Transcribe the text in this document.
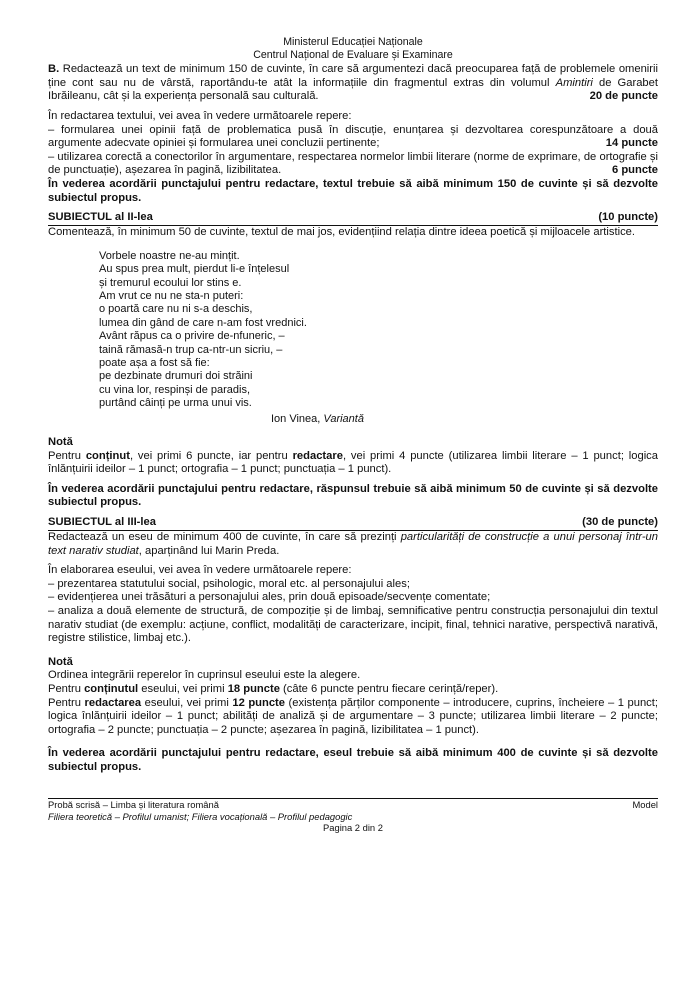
Ministerul Educației Naționale
Centrul Național de Evaluare și Examinare

B. Redactează un text de minimum 150 de cuvinte, în care să argumentezi dacă preocuparea față de problemele omenirii ține cont sau nu de vârstă, raportându-te atât la informațiile din fragmentul extras din volumul Amintiri de Garabet Ibrăileanu, cât și la experiența personală sau culturală.	20 de puncte

În redactarea textului, vei avea în vedere următoarele repere:

– formularea unei opinii față de problematica pusă în discuție, enunțarea și dezvoltarea corespunzătoare a două argumente adecvate opiniei și formularea unei concluzii pertinente;	14 puncte

– utilizarea corectă a conectorilor în argumentare, respectarea normelor limbii literare (norme de exprimare, de ortografie și de punctuație), așezarea în pagină, lizibilitatea.	6 puncte

În vederea acordării punctajului pentru redactare, textul trebuie să aibă minimum 150 de cuvinte și să dezvolte subiectul propus.

SUBIECTUL al II-lea	(10 puncte)

Comentează, în minimum 50 de cuvinte, textul de mai jos, evidențiind relația dintre ideea poetică și mijloacele artistice.

Vorbele noastre ne-au mințit.
Au spus prea mult, pierdut li-e înțelesul
și tremurul ecoului lor stins e.
Am vrut ce nu ne sta-n puteri:
o poartă care nu ni s-a deschis,
lumea din gând de care n-am fost vrednici.
Avânt răpus ca o privire de-nfuneric, –
taină rămasă-n trup ca-ntr-un sicriu, –
poate așa a fost să fie:
pe dezbinate drumuri doi străini
cu vina lor, respinși de paradis,
purtând câinți pe urma unui vis.
Ion Vinea, Variantă

Notă

Pentru conținut, vei primi 6 puncte, iar pentru redactare, vei primi 4 puncte (utilizarea limbii literare – 1 punct; logica înlănțuirii ideilor – 1 punct; ortografia – 1 punct; punctuația – 1 punct).

În vederea acordării punctajului pentru redactare, răspunsul trebuie să aibă minimum 50 de cuvinte și să dezvolte subiectul propus.

SUBIECTUL al III-lea	(30 de puncte)

Redactează un eseu de minimum 400 de cuvinte, în care să prezinți particularități de construcție a unui personaj într-un text narativ studiat, aparținând lui Marin Preda.

În elaborarea eseului, vei avea în vedere următoarele repere:

– prezentarea statutului social, psihologic, moral etc. al personajului ales;

– evidențierea unei trăsături a personajului ales, prin două episoade/secvențe comentate;

– analiza a două elemente de structură, de compoziție și de limbaj, semnificative pentru construcția personajului din textul narativ studiat (de exemplu: acțiune, conflict, modalități de caracterizare, incipit, final, tehnici narative, perspectivă narativă, registre stilistice, limbaj etc.).

Notă

Ordinea integrării reperelor în cuprinsul eseului este la alegere.

Pentru conținutul eseului, vei primi 18 puncte (câte 6 puncte pentru fiecare cerință/reper).

Pentru redactarea eseului, vei primi 12 puncte (existența părților componente – introducere, cuprins, încheiere – 1 punct; logica înlănțuirii ideilor – 1 punct; abilități de analiză și de argumentare – 3 puncte; utilizarea limbii literare – 2 puncte; ortografia – 2 puncte; punctuația – 2 puncte; așezarea în pagină, lizibilitatea – 1 punct).

În vederea acordării punctajului pentru redactare, eseul trebuie să aibă minimum 400 de cuvinte și să dezvolte subiectul propus.

Probă scrisă – Limba și literatura română	Model
Filiera teoretică – Profilul umanist; Filiera vocațională – Profilul pedagogic
Pagina 2 din 2
